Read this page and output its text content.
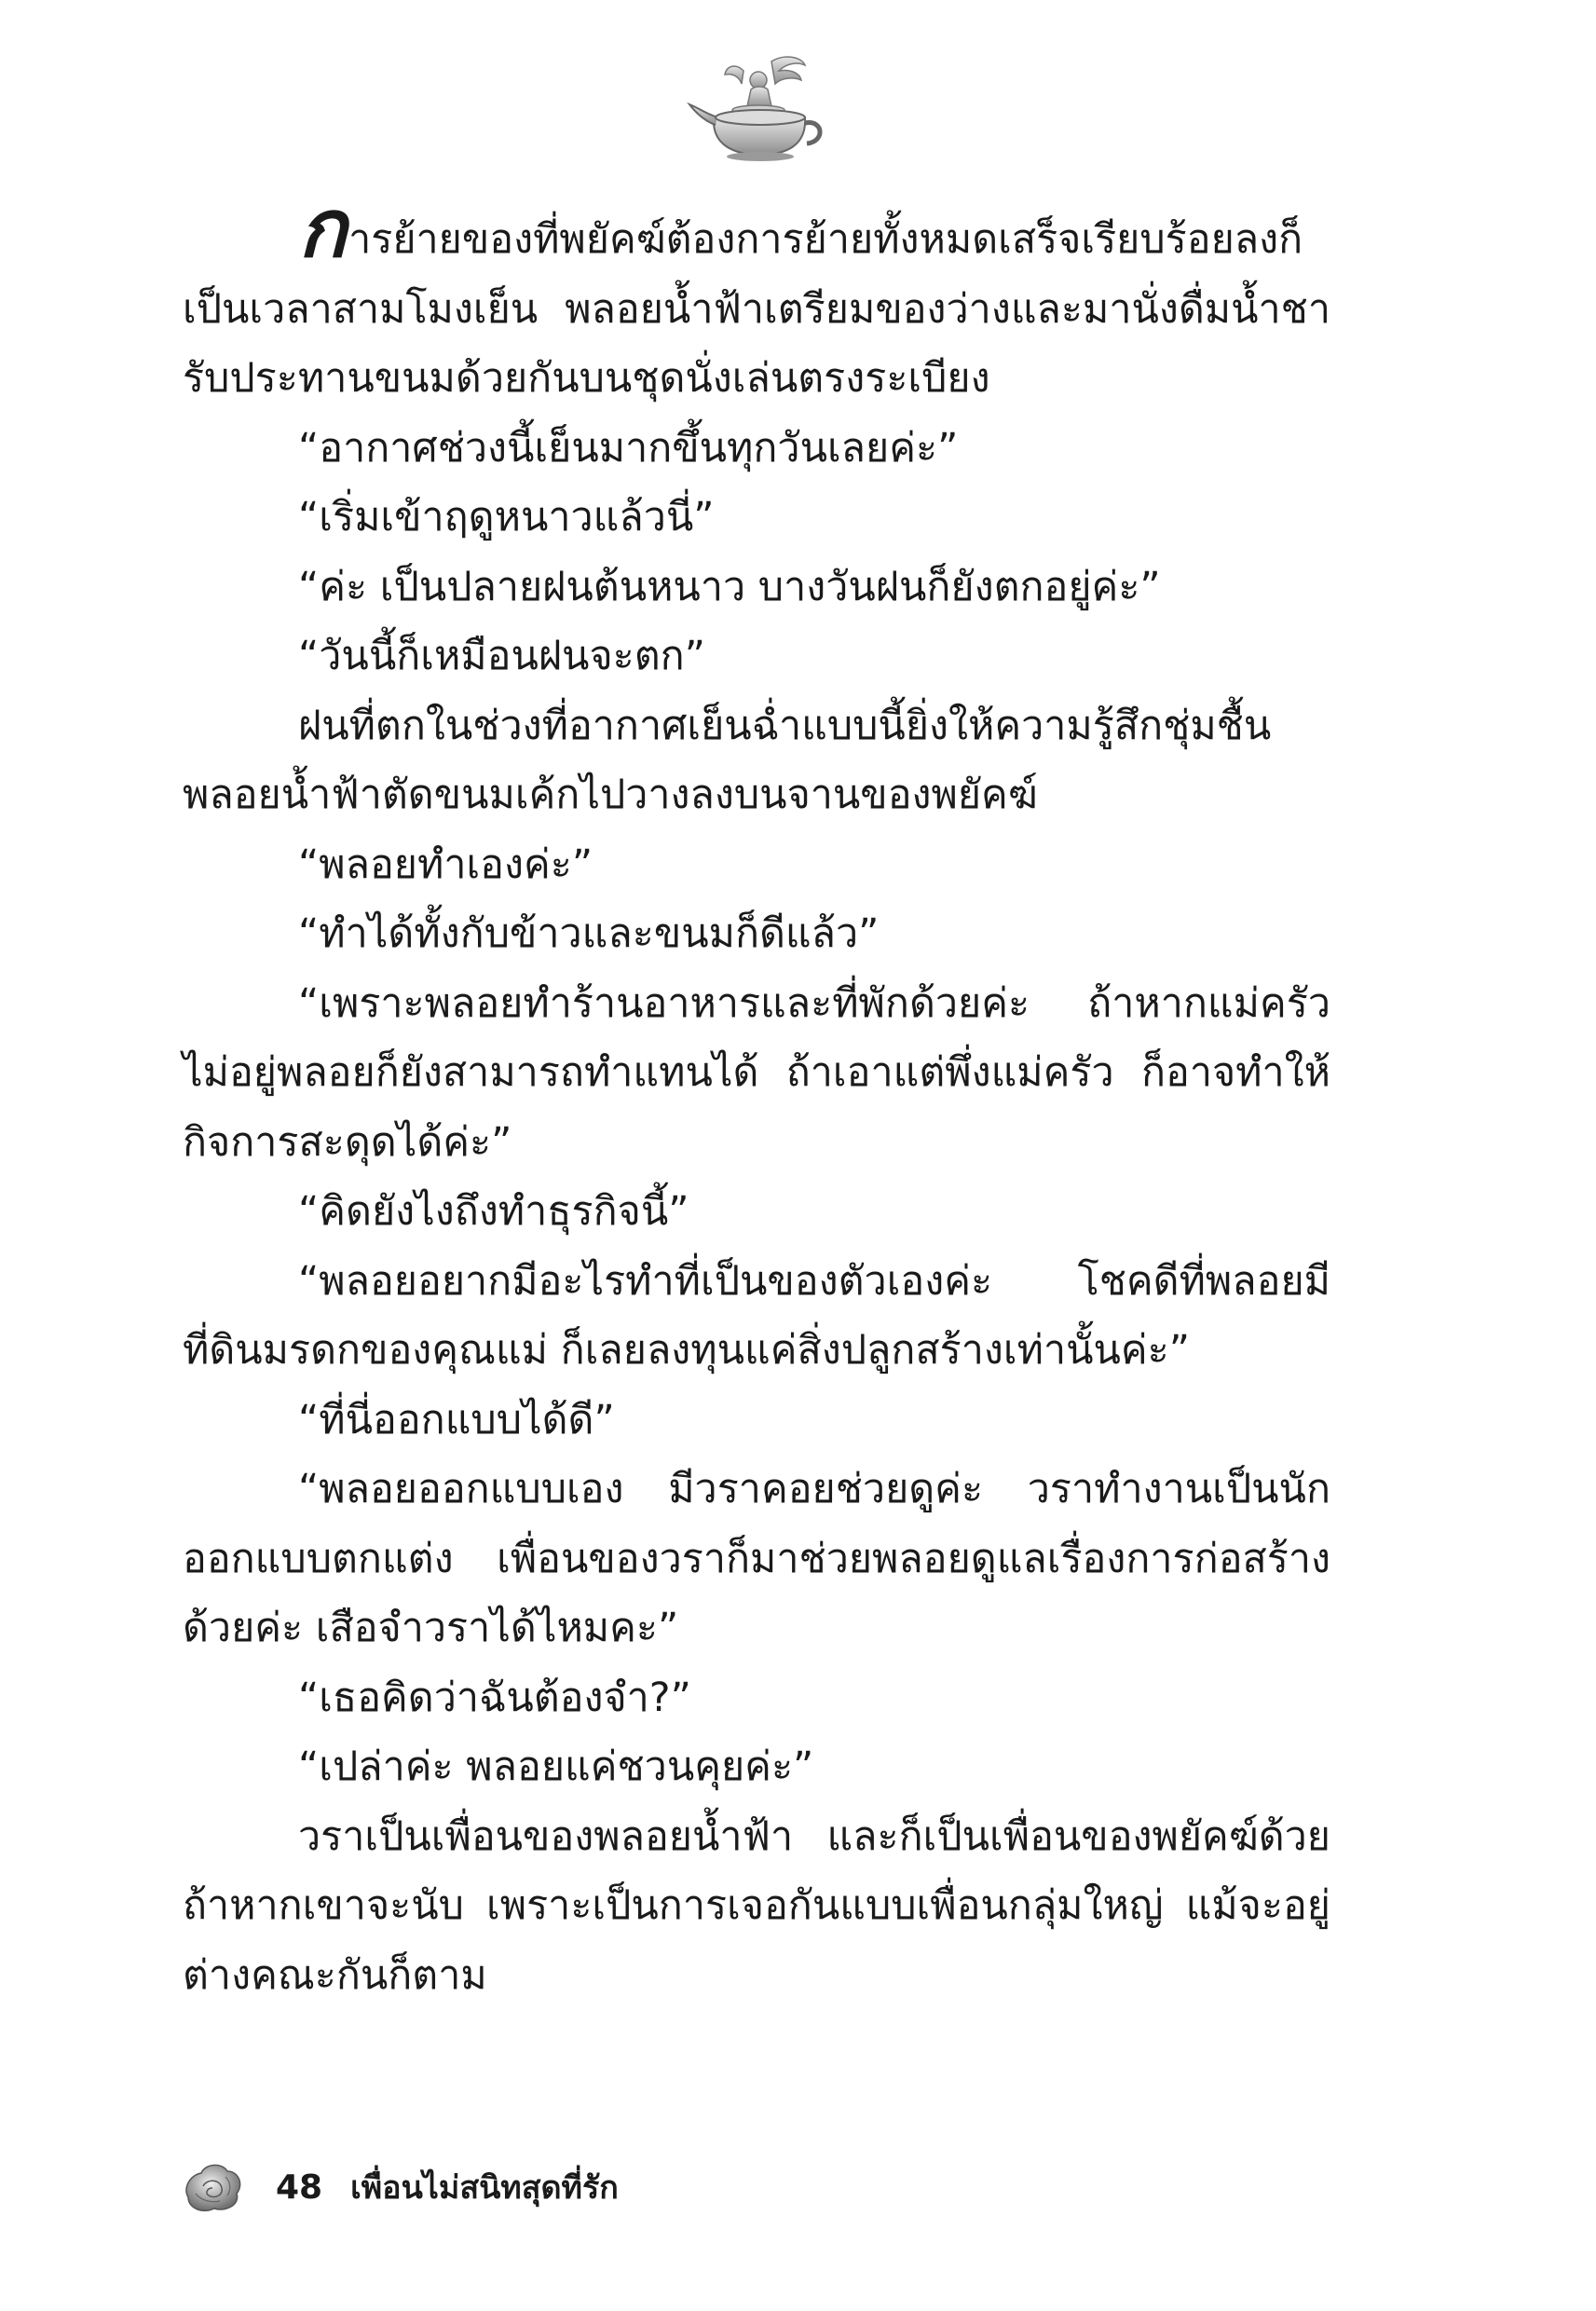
การย้ายของที่พยัคฆ์ต้องการย้ายทั้งหมดเสร็จเรียบร้อยลงก็เป็นเวลาสามโมงเย็น พลอยน้ำฟ้าเตรียมของว่างและมานั่งดื่มน้ำชารับประทานขนมด้วยกันบนชุดนั่งเล่นตรงระเบียง

“อากาศช่วงนี้เย็นมากขึ้นทุกวันเลยค่ะ”

“เริ่มเข้าฤดูหนาวแล้วนี่”

“ค่ะ เป็นปลายฝนต้นหนาว บางวันฝนก็ยังตกอยู่ค่ะ”

“วันนี้ก็เหมือนฝนจะตก”

ฝนที่ตกในช่วงที่อากาศเย็นฉ่ำแบบนี้ยิ่งให้ความรู้สึกชุ่มชื้นพลอยน้ำฟ้าตัดขนมเค้กไปวางลงบนจานของพยัคฆ์

“พลอยทำเองค่ะ”

“ทำได้ทั้งกับข้าวและขนมก็ดีแล้ว”

“เพราะพลอยทำร้านอาหารและที่พักด้วยค่ะ ถ้าหากแม่ครัวไม่อยู่พลอยก็ยังสามารถทำแทนได้ ถ้าเอาแต่พึ่งแม่ครัว ก็อาจทำให้กิจการสะดุดได้ค่ะ”

“คิดยังไงถึงทำธุรกิจนี้”

“พลอยอยากมีอะไรทำที่เป็นของตัวเองค่ะ โชคดีที่พลอยมีที่ดินมรดกของคุณแม่ ก็เลยลงทุนแค่สิ่งปลูกสร้างเท่านั้นค่ะ”

“ที่นี่ออกแบบได้ดี”

“พลอยออกแบบเอง มีวราคอยช่วยดูค่ะ วราทำงานเป็นนักออกแบบตกแต่ง เพื่อนของวราก็มาช่วยพลอยดูแลเรื่องการก่อสร้างด้วยค่ะ เสือจำวราได้ไหมคะ”

“เธอคิดว่าฉันต้องจำ?”

“เปล่าค่ะ พลอยแค่ชวนคุยค่ะ”

วราเป็นเพื่อนของพลอยน้ำฟ้า และก็เป็นเพื่อนของพยัคฆ์ด้วยถ้าหากเขาจะนับ เพราะเป็นการเจอกันแบบเพื่อนกลุ่มใหญ่ แม้จะอยู่ต่างคณะกันก็ตาม

48 เพื่อนไม่สนิทสุดที่รัก
